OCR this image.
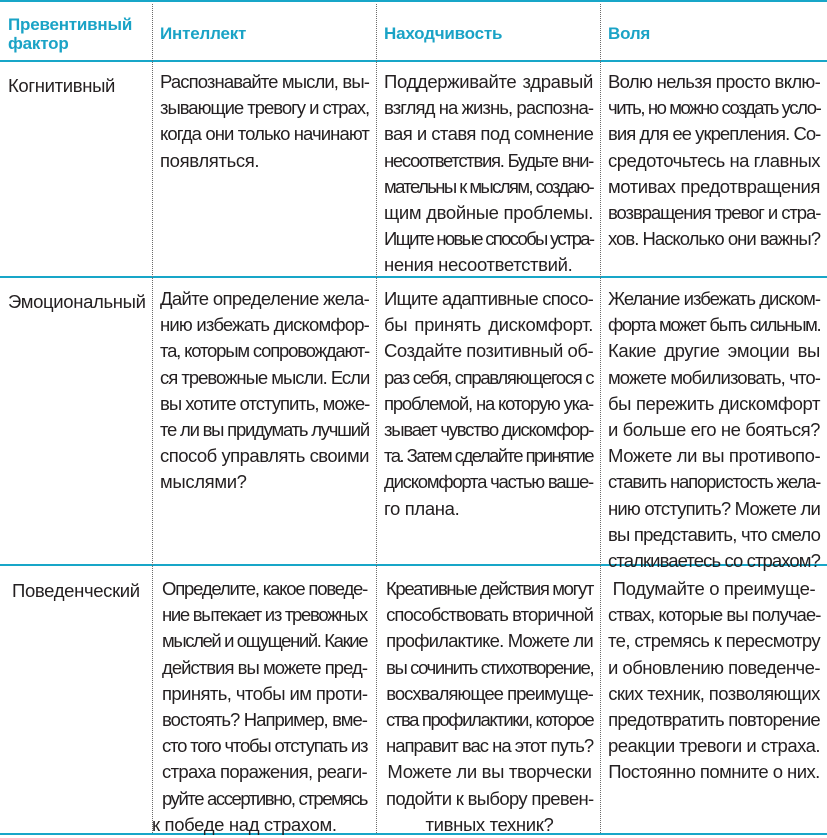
Превентивный фактор
Интеллект	Находчивость	Воля
Когнитивный Распознавайте мысли, вы-
зывающие тревогу и страх,
когда они только начинают
появляться.
Поддерживайте здравый
взгляд на жизнь, распозна-
вая и ставя под сомнение
несоответствия. Будьте вни-
мательны к мыслям, создаю-
щим двойные проблемы.
Ищите новые способы устра-
нения несоответствий.
Волю нельзя просто вклю-
чить, но можно создать усло-
вия для ее укрепления. Со-
средоточьтесь на главных
мотивах предотвращения
возвращения тревог и стра-
хов. Насколько они важны?
Эмоциональный Дайте определение жела-
нию избежать дискомфор-
та, которым сопровождают-
ся тревожные мысли. Если
вы хотите отступить, може-
те ли вы придумать лучший
способ управлять своими
мыслями?
Ищите адаптивные спосо-
бы принять дискомфорт.
Создайте позитивный об-
раз себя, справляющегося с
проблемой, на которую ука-
зывает чувство дискомфор-
та. Затем сделайте принятие
дискомфорта частью ваше-
го плана.
Желание избежать диском-
форта может быть сильным.
Какие другие эмоции вы
можете мобилизовать, что-
бы пережить дискомфорт
и больше его не бояться?
Можете ли вы противопо-
ставить напористость жела-
нию отступить? Можете ли
вы представить, что смело
сталкиваетесь со страхом?
Поведенческий Определите, какое поведе-
ние вытекает из тревожных
мыслей и ощущений. Какие
действия вы можете пред-
принять, чтобы им проти-
востоять? Например, вме-
сто того чтобы отступать из
страха поражения, реаги-
руйте ассертивно, стремясь
к победе над страхом.
Креативные действия могут
способствовать вторичной
профилактике. Можете ли
вы сочинить стихотворение,
восхваляющее преимуще-
ства профилактики, которое
направит вас на этот путь?
Можете ли вы творчески
подойти к выбору превен-
тивных техник?
Подумайте о преимуще-
ствах, которые вы получае-
те, стремясь к пересмотру
и обновлению поведенче-
ских техник, позволяющих
предотвратить повторение
реакции тревоги и страха.
Постоянно помните о них.
